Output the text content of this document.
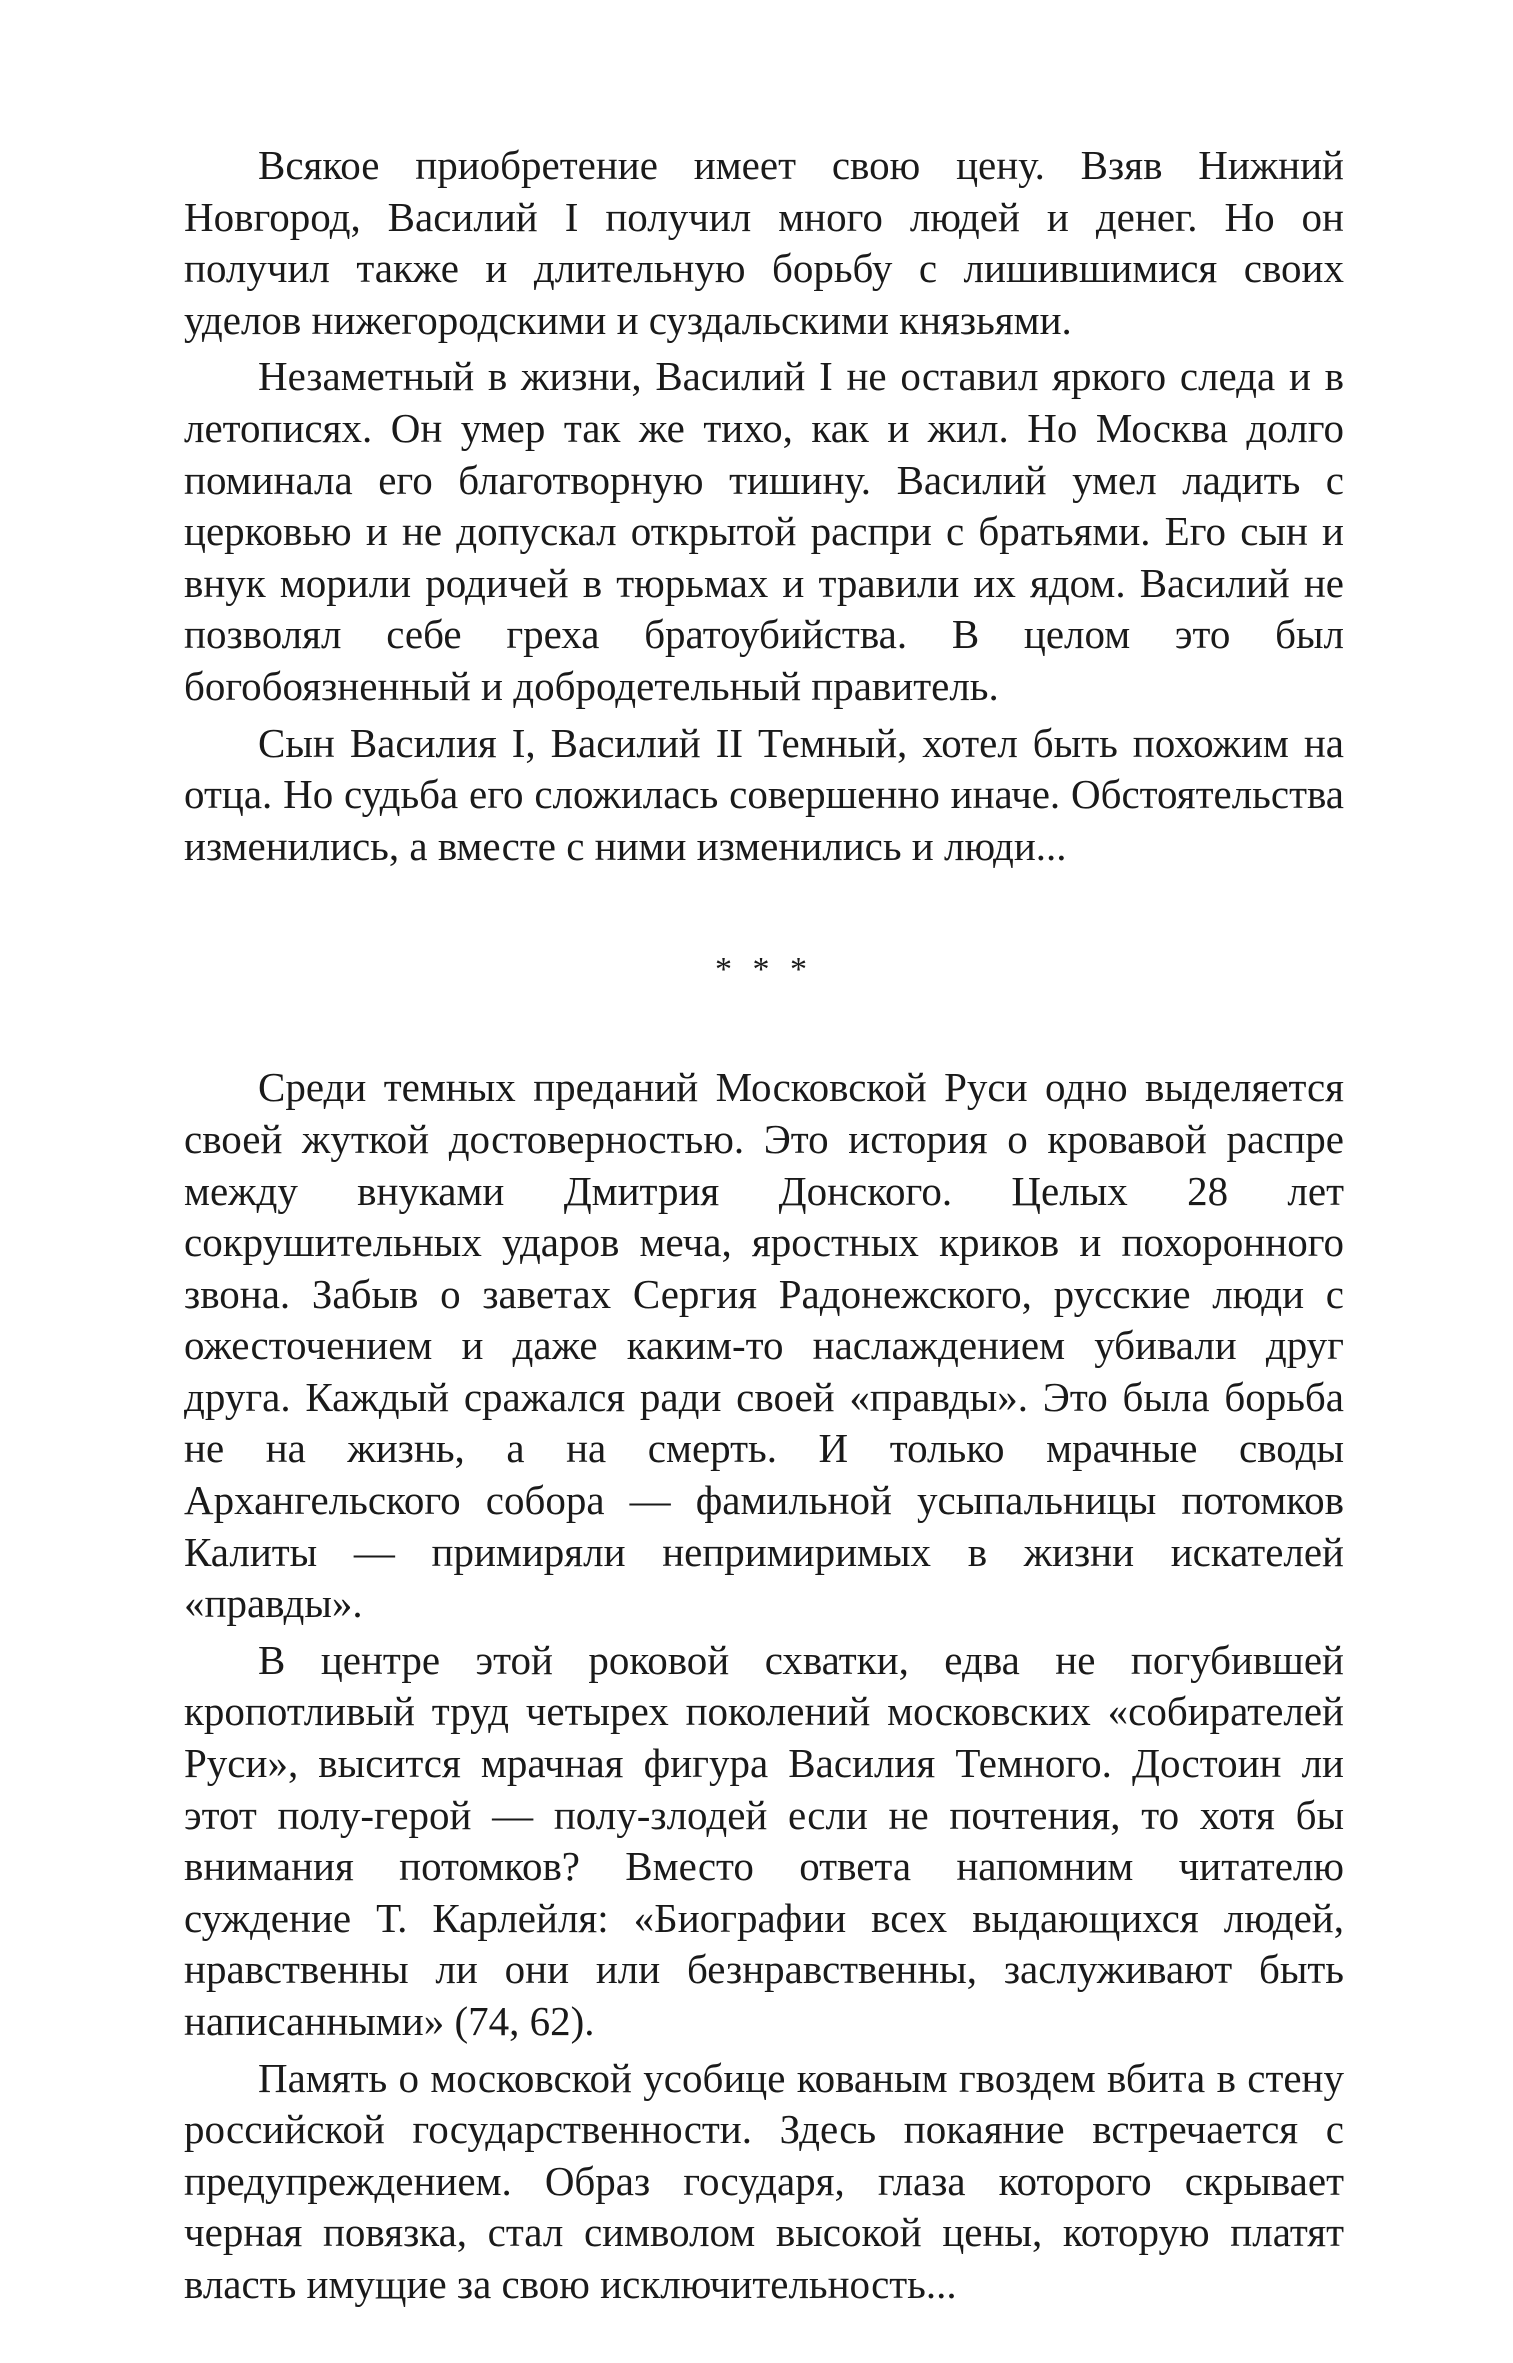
Всякое приобретение имеет свою цену. Взяв Нижний Новгород, Василий I получил много людей и денег. Но он получил также и длительную борьбу с лишившимися своих уделов нижегородскими и суздальскими князьями.

Незаметный в жизни, Василий I не оставил яркого следа и в летописях. Он умер так же тихо, как и жил. Но Москва долго поминала его благотворную тишину. Василий умел ладить с церковью и не допускал открытой распри с братьями. Его сын и внук морили родичей в тюрьмах и травили их ядом. Василий не позволял себе греха братоубийства. В целом это был богобоязненный и добродетельный правитель.

Сын Василия I, Василий II Темный, хотел быть похожим на отца. Но судьба его сложилась совершенно иначе. Обстоятельства изменились, а вместе с ними изменились и люди...

* * *

Среди темных преданий Московской Руси одно выделяется своей жуткой достоверностью. Это история о кровавой распре между внуками Дмитрия Донского. Целых 28 лет сокрушительных ударов меча, яростных криков и похоронного звона. Забыв о заветах Сергия Радонежского, русские люди с ожесточением и даже каким-то наслаждением убивали друг друга. Каждый сражался ради своей «правды». Это была борьба не на жизнь, а на смерть. И только мрачные своды Архангельского собора — фамильной усыпальницы потомков Калиты — примиряли непримиримых в жизни искателей «правды».

В центре этой роковой схватки, едва не погубившей кропотливый труд четырех поколений московских «собирателей Руси», высится мрачная фигура Василия Темного. Достоин ли этот полу-герой — полу-злодей если не почтения, то хотя бы внимания потомков? Вместо ответа напомним читателю суждение Т. Карлейля: «Биографии всех выдающихся людей, нравственны ли они или безнравственны, заслуживают быть написанными» (74, 62).

Память о московской усобице кованым гвоздем вбита в стену российской государственности. Здесь покаяние встречается с предупреждением. Образ государя, глаза которого скрывает черная повязка, стал символом высокой цены, которую платят власть имущие за свою исключительность...
